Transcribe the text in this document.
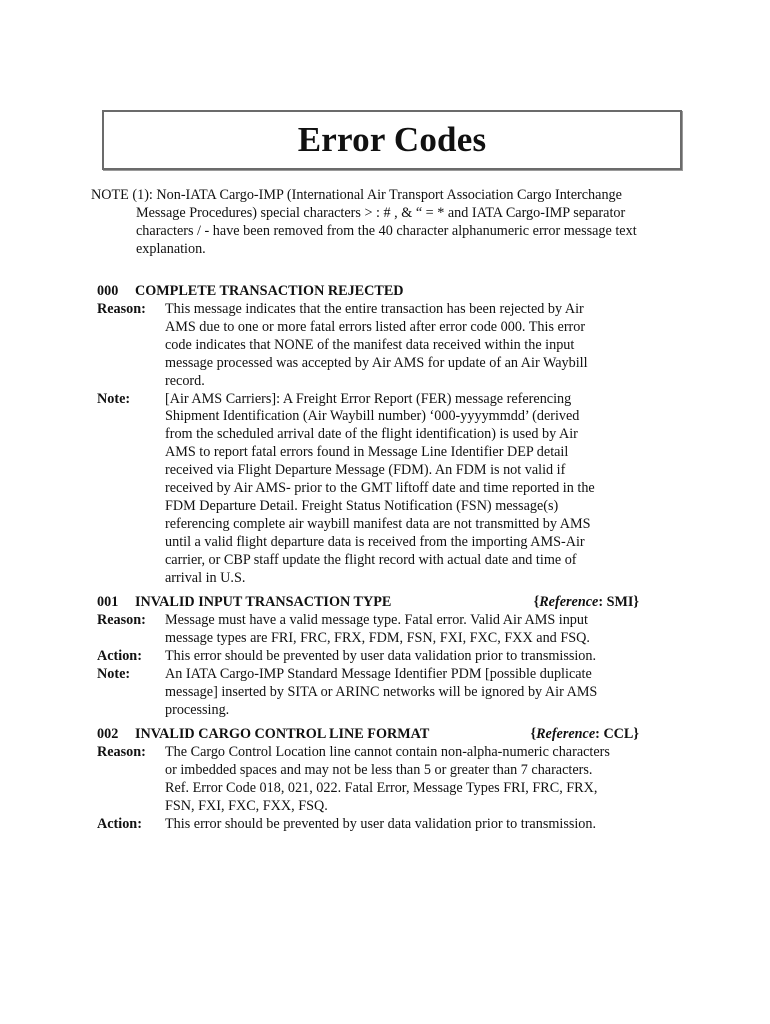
Error Codes
NOTE (1): Non-IATA Cargo-IMP (International Air Transport Association Cargo Interchange
Message Procedures) special characters > : # , & “ = * and IATA Cargo-IMP separator
characters / - have been removed from the 40 character alphanumeric error message text
explanation.
000 COMPLETE TRANSACTION REJECTED
Reason:	This message indicates that the entire transaction has been rejected by Air
AMS due to one or more fatal errors listed after error code 000. This error
code indicates that NONE of the manifest data received within the input
message processed was accepted by Air AMS for update of an Air Waybill
record.
Note:	[Air AMS Carriers]: A Freight Error Report (FER) message referencing
Shipment Identification (Air Waybill number) ‘000-yyyymmdd’ (derived
from the scheduled arrival date of the flight identification) is used by Air
AMS to report fatal errors found in Message Line Identifier DEP detail
received via Flight Departure Message (FDM). An FDM is not valid if
received by Air AMS- prior to the GMT liftoff date and time reported in the
FDM Departure Detail. Freight Status Notification (FSN) message(s)
referencing complete air waybill manifest data are not transmitted by AMS
until a valid flight departure data is received from the importing AMS-Air
carrier, or CBP staff update the flight record with actual date and time of
arrival in U.S.
001 INVALID INPUT TRANSACTION TYPE	{Reference: SMI}
Reason:	Message must have a valid message type. Fatal error. Valid Air AMS input
message types are FRI, FRC, FRX, FDM, FSN, FXI, FXC, FXX and FSQ.
Action:	This error should be prevented by user data validation prior to transmission.
Note:	An IATA Cargo-IMP Standard Message Identifier PDM [possible duplicate
message] inserted by SITA or ARINC networks will be ignored by Air AMS
processing.
002 INVALID CARGO CONTROL LINE FORMAT	{Reference: CCL}
Reason:	The Cargo Control Location line cannot contain non-alpha-numeric characters
or imbedded spaces and may not be less than 5 or greater than 7 characters.
Ref. Error Code 018, 021, 022. Fatal Error, Message Types FRI, FRC, FRX,
FSN, FXI, FXC, FXX, FSQ.
Action:	This error should be prevented by user data validation prior to transmission.
